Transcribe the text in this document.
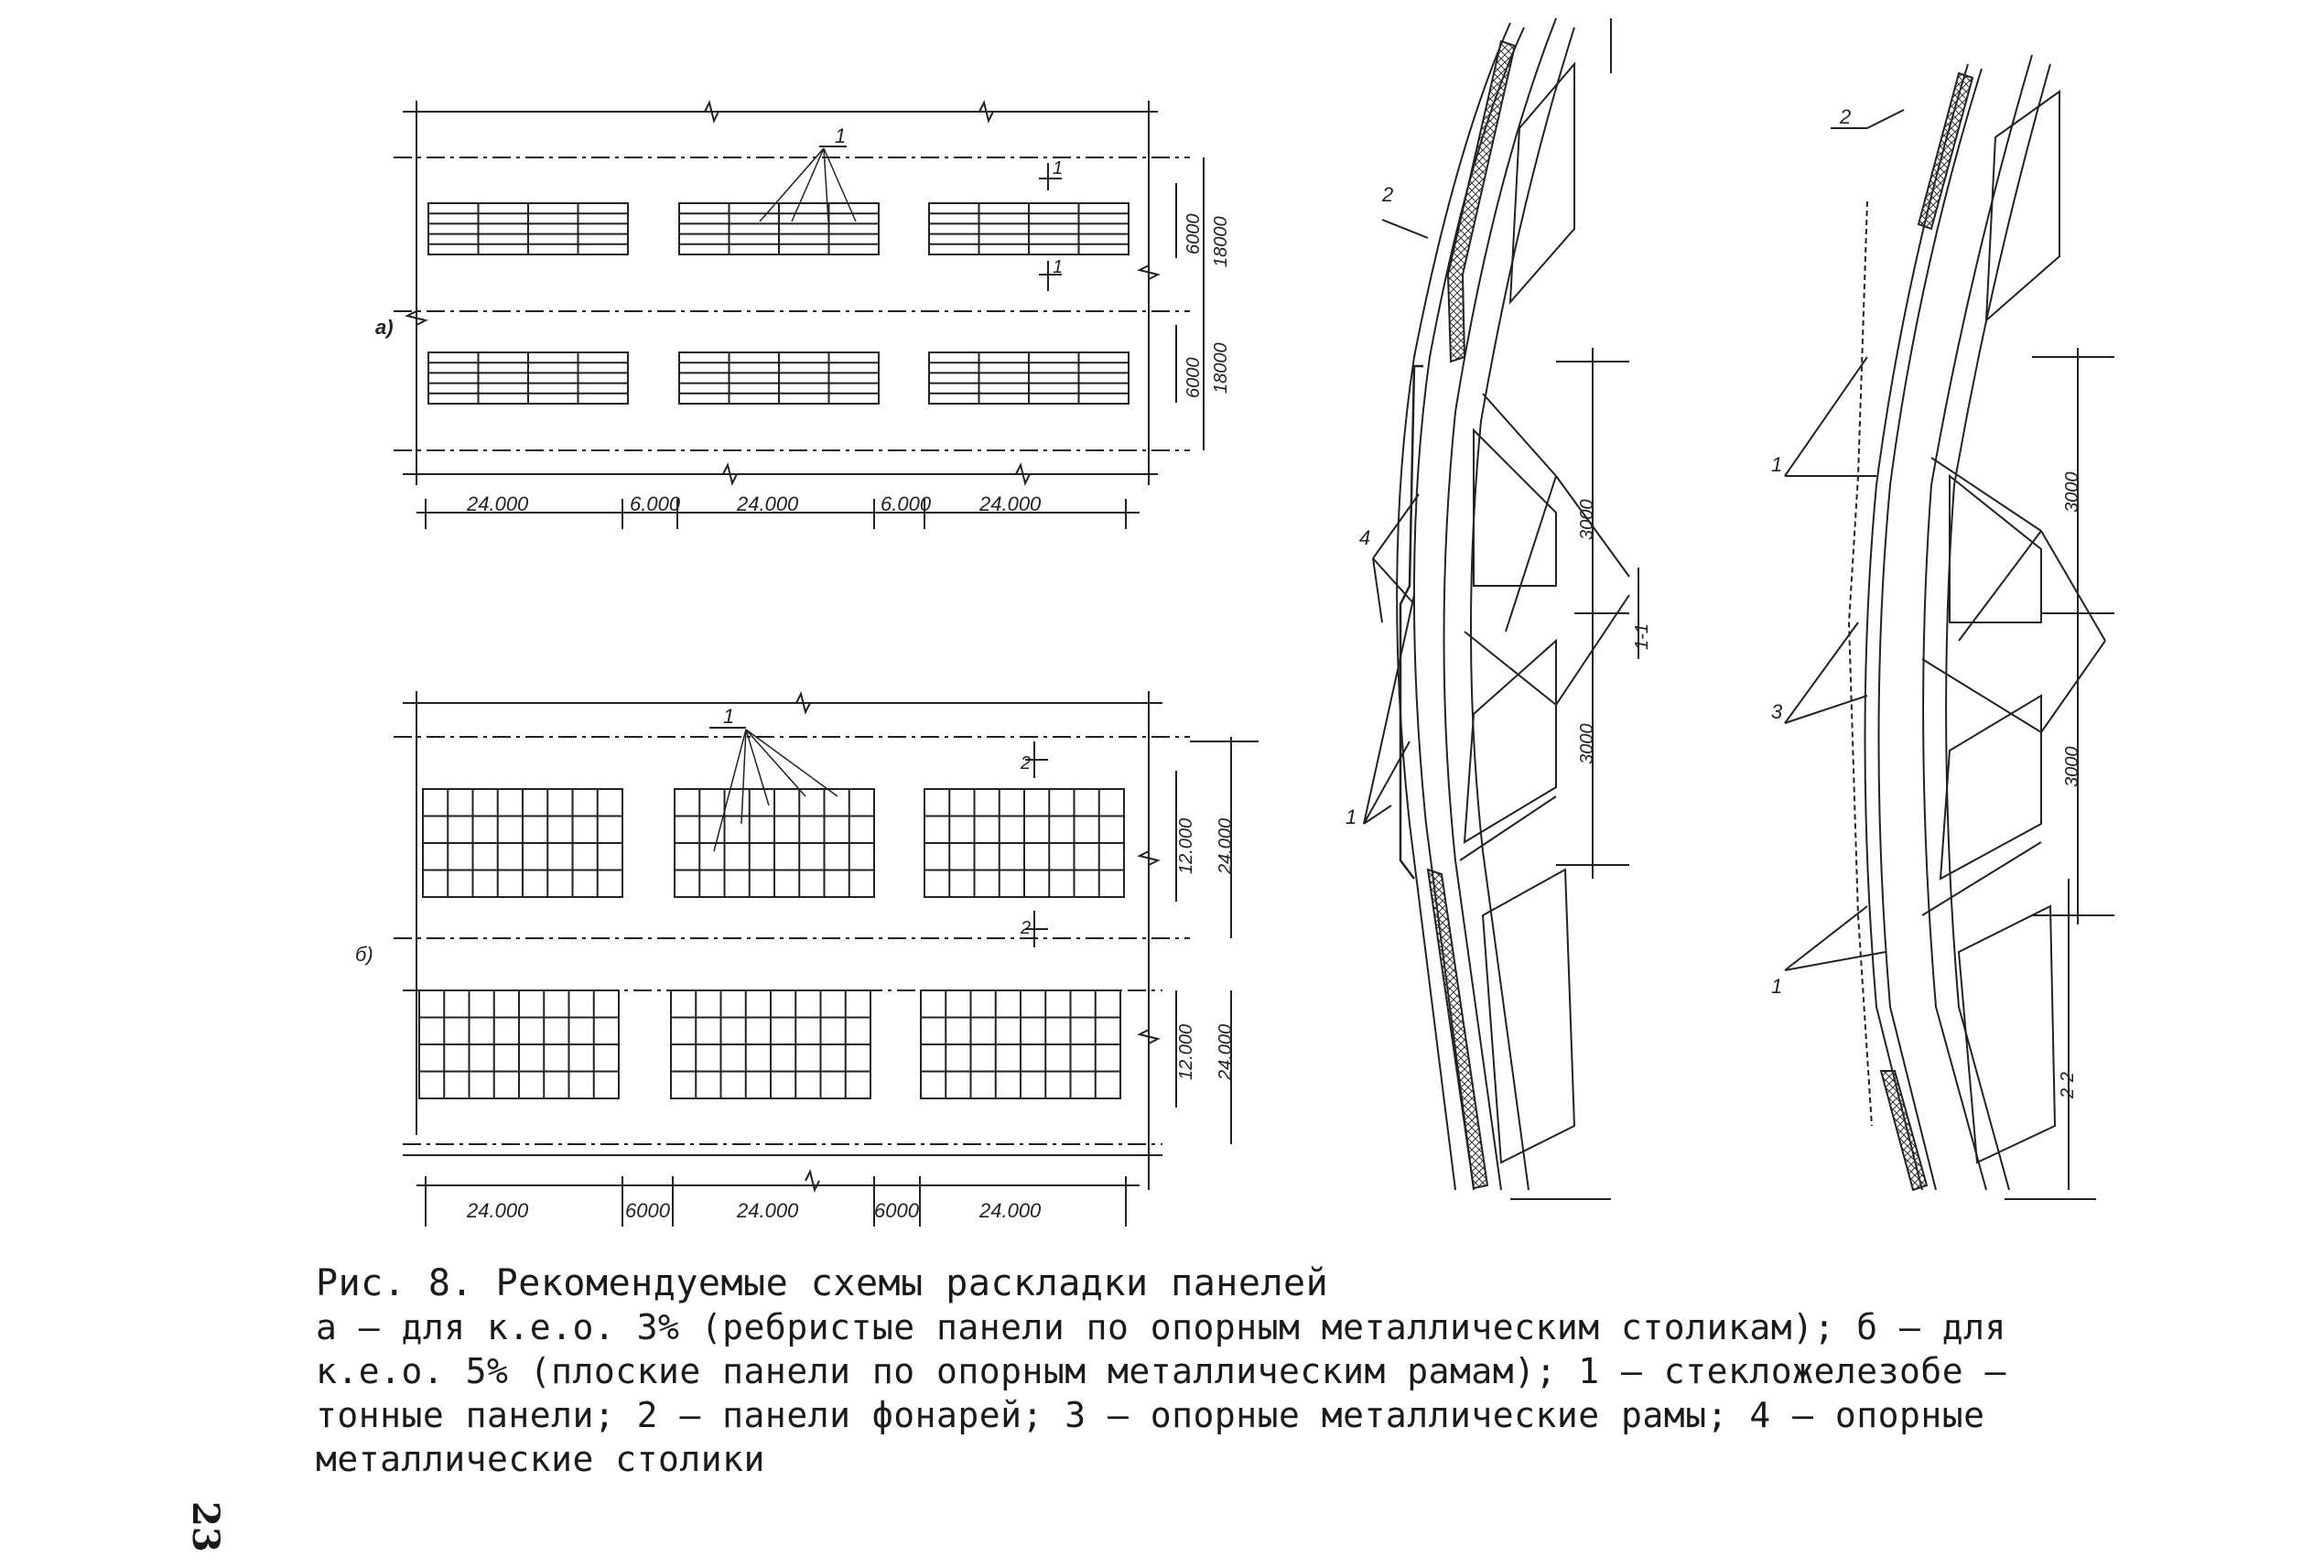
а)
1
1
1
24.000	6.000	24.000	6.000 24.000
6000 18000
6000 18000
б)
1
2
2
24.000	6000	24.000	6000	24.000
12.000 24.000
12.000 24.000
2
4
1
3000
3000
1-1
2
1
3
1
3000
3000
2-2
Рис. 8. Рекомендуемые схемы раскладки панелей
а – для к.е.о. 3% (ребристые панели по опорным металлическим столикам); б – для
к.е.о. 5% (плоские панели по опорным металлическим рамам); 1 – стекложелезобе –
тонные панели; 2 – панели фонарей; 3 – опорные металлические рамы; 4 – опорные
металлические столики
23
